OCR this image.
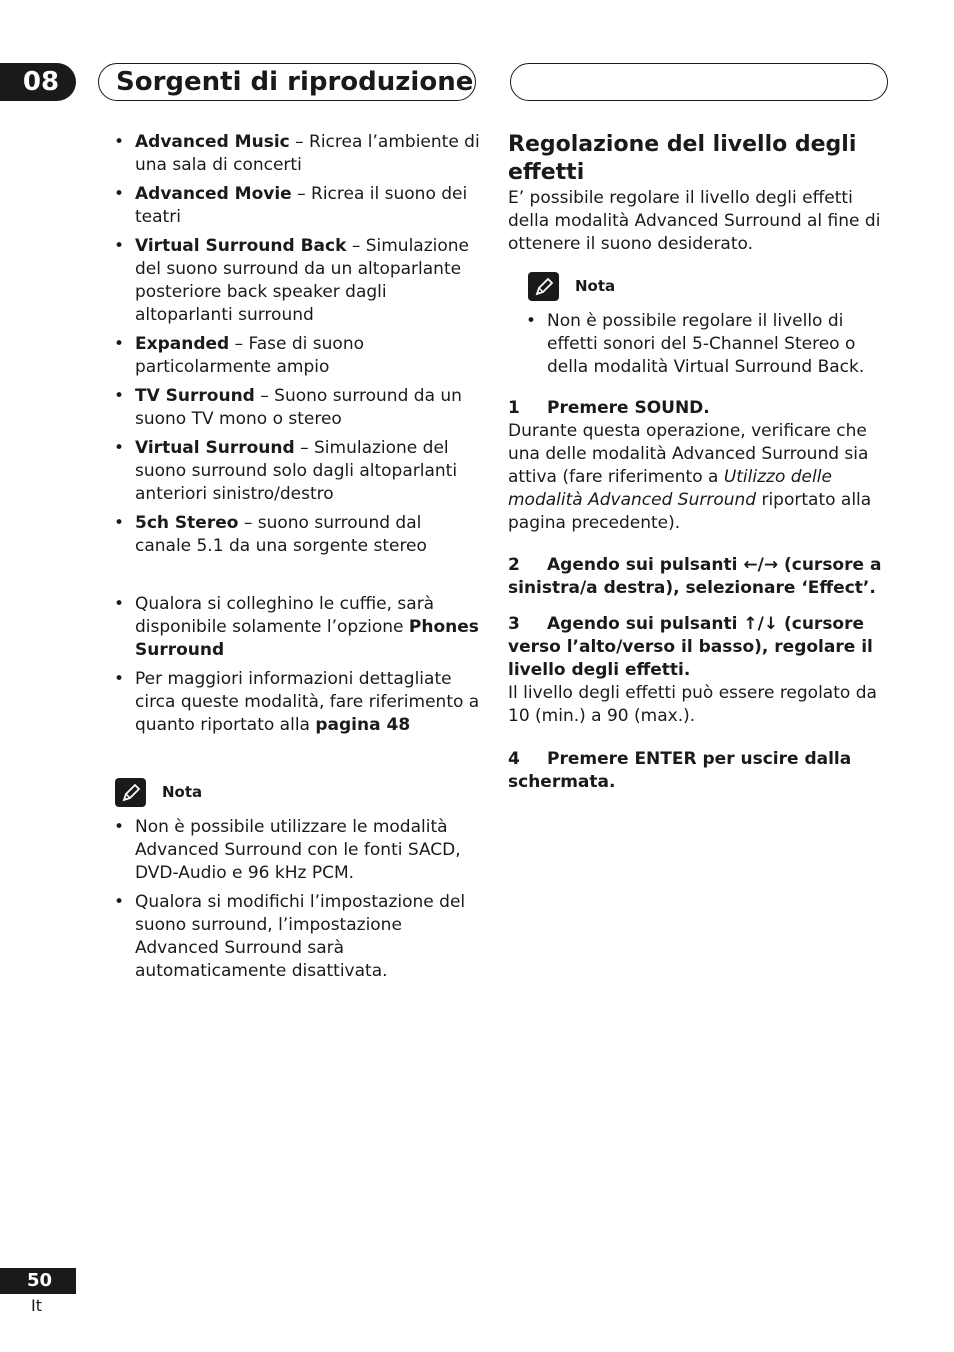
08	Sorgenti di riproduzione
• Advanced Music – Ricrea l’ambiente di una sala di concerti
• Advanced Movie – Ricrea il suono dei teatri
• Virtual Surround Back – Simulazione del suono surround da un altoparlante posteriore back speaker dagli altoparlanti surround
• Expanded – Fase di suono particolarmente ampio
• TV Surround – Suono surround da un suono TV mono o stereo
• Virtual Surround – Simulazione del suono surround solo dagli altoparlanti anteriori sinistro/destro
• 5ch Stereo – suono surround dal canale 5.1 da una sorgente stereo
• Qualora si colleghino le cuffie, sarà disponibile solamente l’opzione Phones Surround
• Per maggiori informazioni dettagliate circa queste modalità, fare riferimento a quanto riportato alla pagina 48
Nota
• Non è possibile utilizzare le modalità Advanced Surround con le fonti SACD, DVD-Audio e 96 kHz PCM.
• Qualora si modifichi l’impostazione del suono surround, l’impostazione Advanced Surround sarà automaticamente disattivata.
Regolazione del livello degli effetti
E’ possibile regolare il livello degli effetti della modalità Advanced Surround al fine di ottenere il suono desiderato.
Nota
• Non è possibile regolare il livello di effetti sonori del 5-Channel Stereo o della modalità Virtual Surround Back.
1 Premere SOUND.
Durante questa operazione, verificare che una delle modalità Advanced Surround sia attiva (fare riferimento a Utilizzo delle modalità Advanced Surround riportato alla pagina precedente).
2 Agendo sui pulsanti ←/→ (cursore a sinistra/a destra), selezionare ‘Effect’.
3 Agendo sui pulsanti ↑/↓ (cursore verso l’alto/verso il basso), regolare il livello degli effetti.
Il livello degli effetti può essere regolato da 10 (min.) a 90 (max.).
4 Premere ENTER per uscire dalla schermata.
50
It
